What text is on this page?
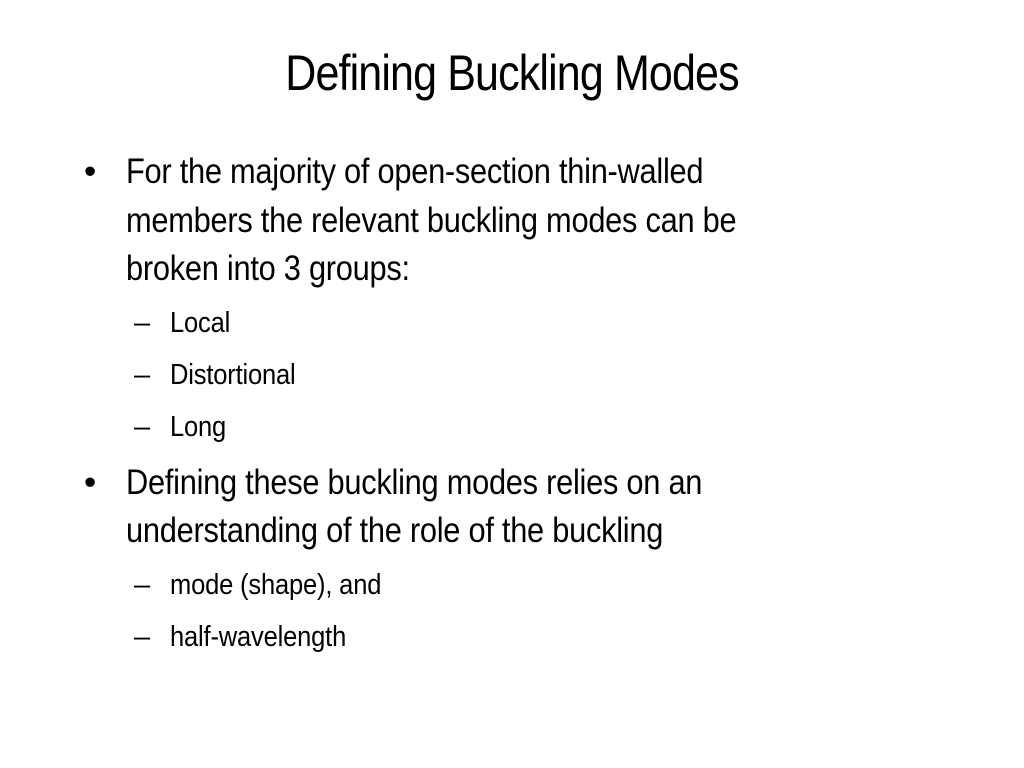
Defining Buckling Modes
• For the majority of open-section thin-walled
members the relevant buckling modes can be
broken into 3 groups:
– Local
– Distortional
– Long
• Defining these buckling modes relies on an
understanding of the role of the buckling
– mode (shape), and
– half-wavelength
